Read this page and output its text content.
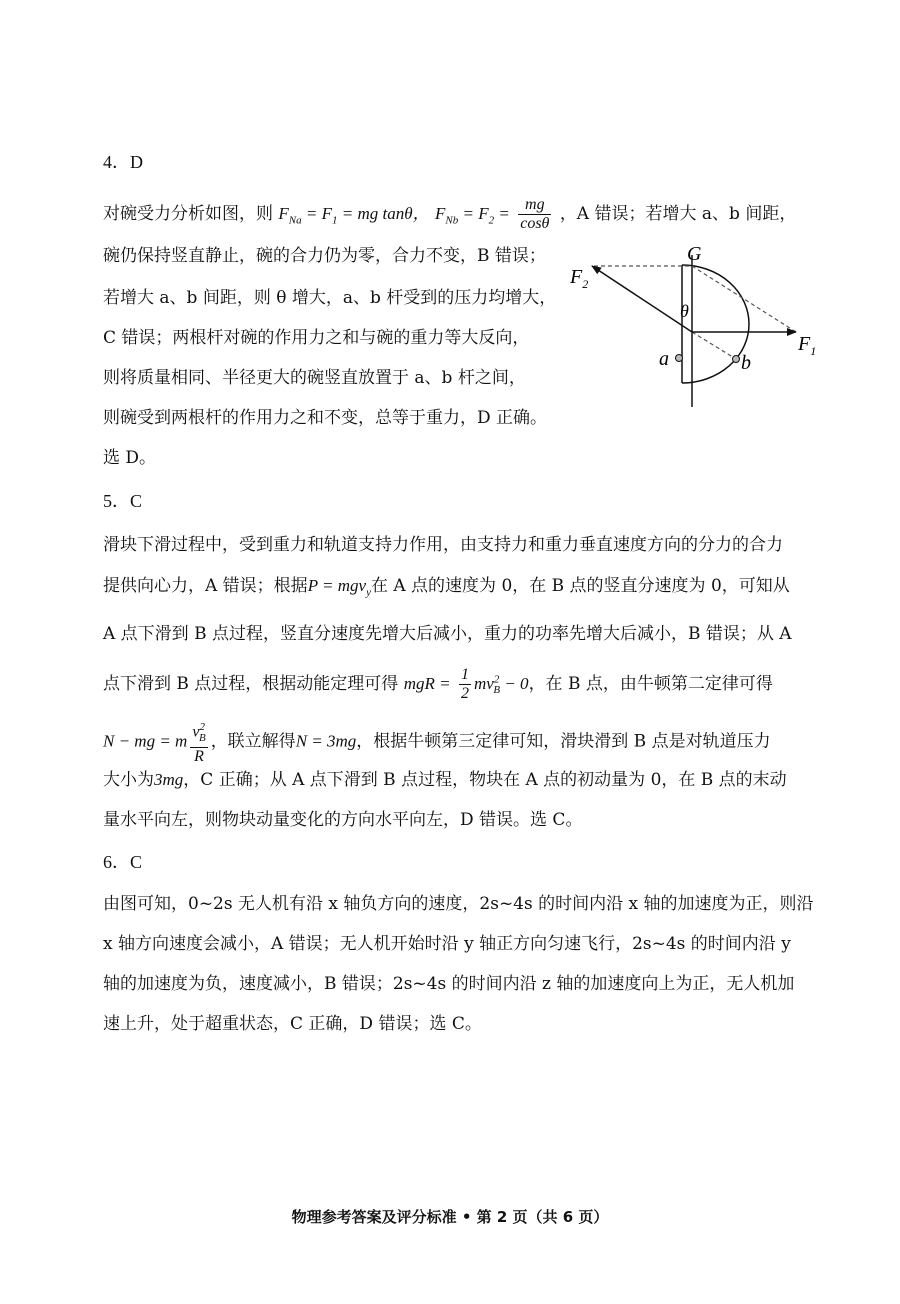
4．D
对碗受力分析如图，则 $F_{Na} = F_1$ = mg tanθ， $F_{Nb} = F_2 = \frac{mg}{\cos\theta}$ ，A 错误；若增大 a、b 间距，
碗仍保持竖直静止，碗的合力仍为零，合力不变，B 错误；
若增大 a、b 间距，则 θ 增大，a、b 杆受到的压力均增大，
C 错误；两根杆对碗的作用力之和与碗的重力等大反向，
则将质量相同、半径更大的碗竖直放置于 a、b 杆之间，
则碗受到两根杆的作用力之和不变，总等于重力，D 正确。
选 D。
G
$F_2$
$F_1$
θ
a	b
5．C
滑块下滑过程中，受到重力和轨道支持力作用，由支持力和重力垂直速度方向的分力的合力
提供向心力，A 错误；根据P = mgv$_y$在 A 点的速度为 0，在 B 点的竖直分速度为 0，可知从
A 点下滑到 B 点过程，竖直分速度先增大后减小，重力的功率先增大后减小，B 错误；从 A
点下滑到 B 点过程，根据动能定理可得 mgR = $\frac{1}{2} mv^2_B - 0$，在 B 点，由牛顿第二定律可得
N − mg = m $\frac{v^2_B}{R}$ ，联立解得N = 3mg，根据牛顿第三定律可知，滑块滑到 B 点是对轨道压力
大小为3mg，C 正确；从 A 点下滑到 B 点过程，物块在 A 点的初动量为 0，在 B 点的末动
量水平向左，则物块动量变化的方向水平向左，D 错误。选 C。
6．C
由图可知，0~2s 无人机有沿 x 轴负方向的速度，2s~4s 的时间内沿 x 轴的加速度为正，则沿
x 轴方向速度会减小，A 错误；无人机开始时沿 y 轴正方向匀速飞行，2s~4s 的时间内沿 y
轴的加速度为负，速度减小，B 错误；2s~4s 的时间内沿 z 轴的加速度向上为正，无人机加
速上升，处于超重状态，C 正确，D 错误；选 C。
物理参考答案及评分标准 • 第 2 页（共 6 页）
